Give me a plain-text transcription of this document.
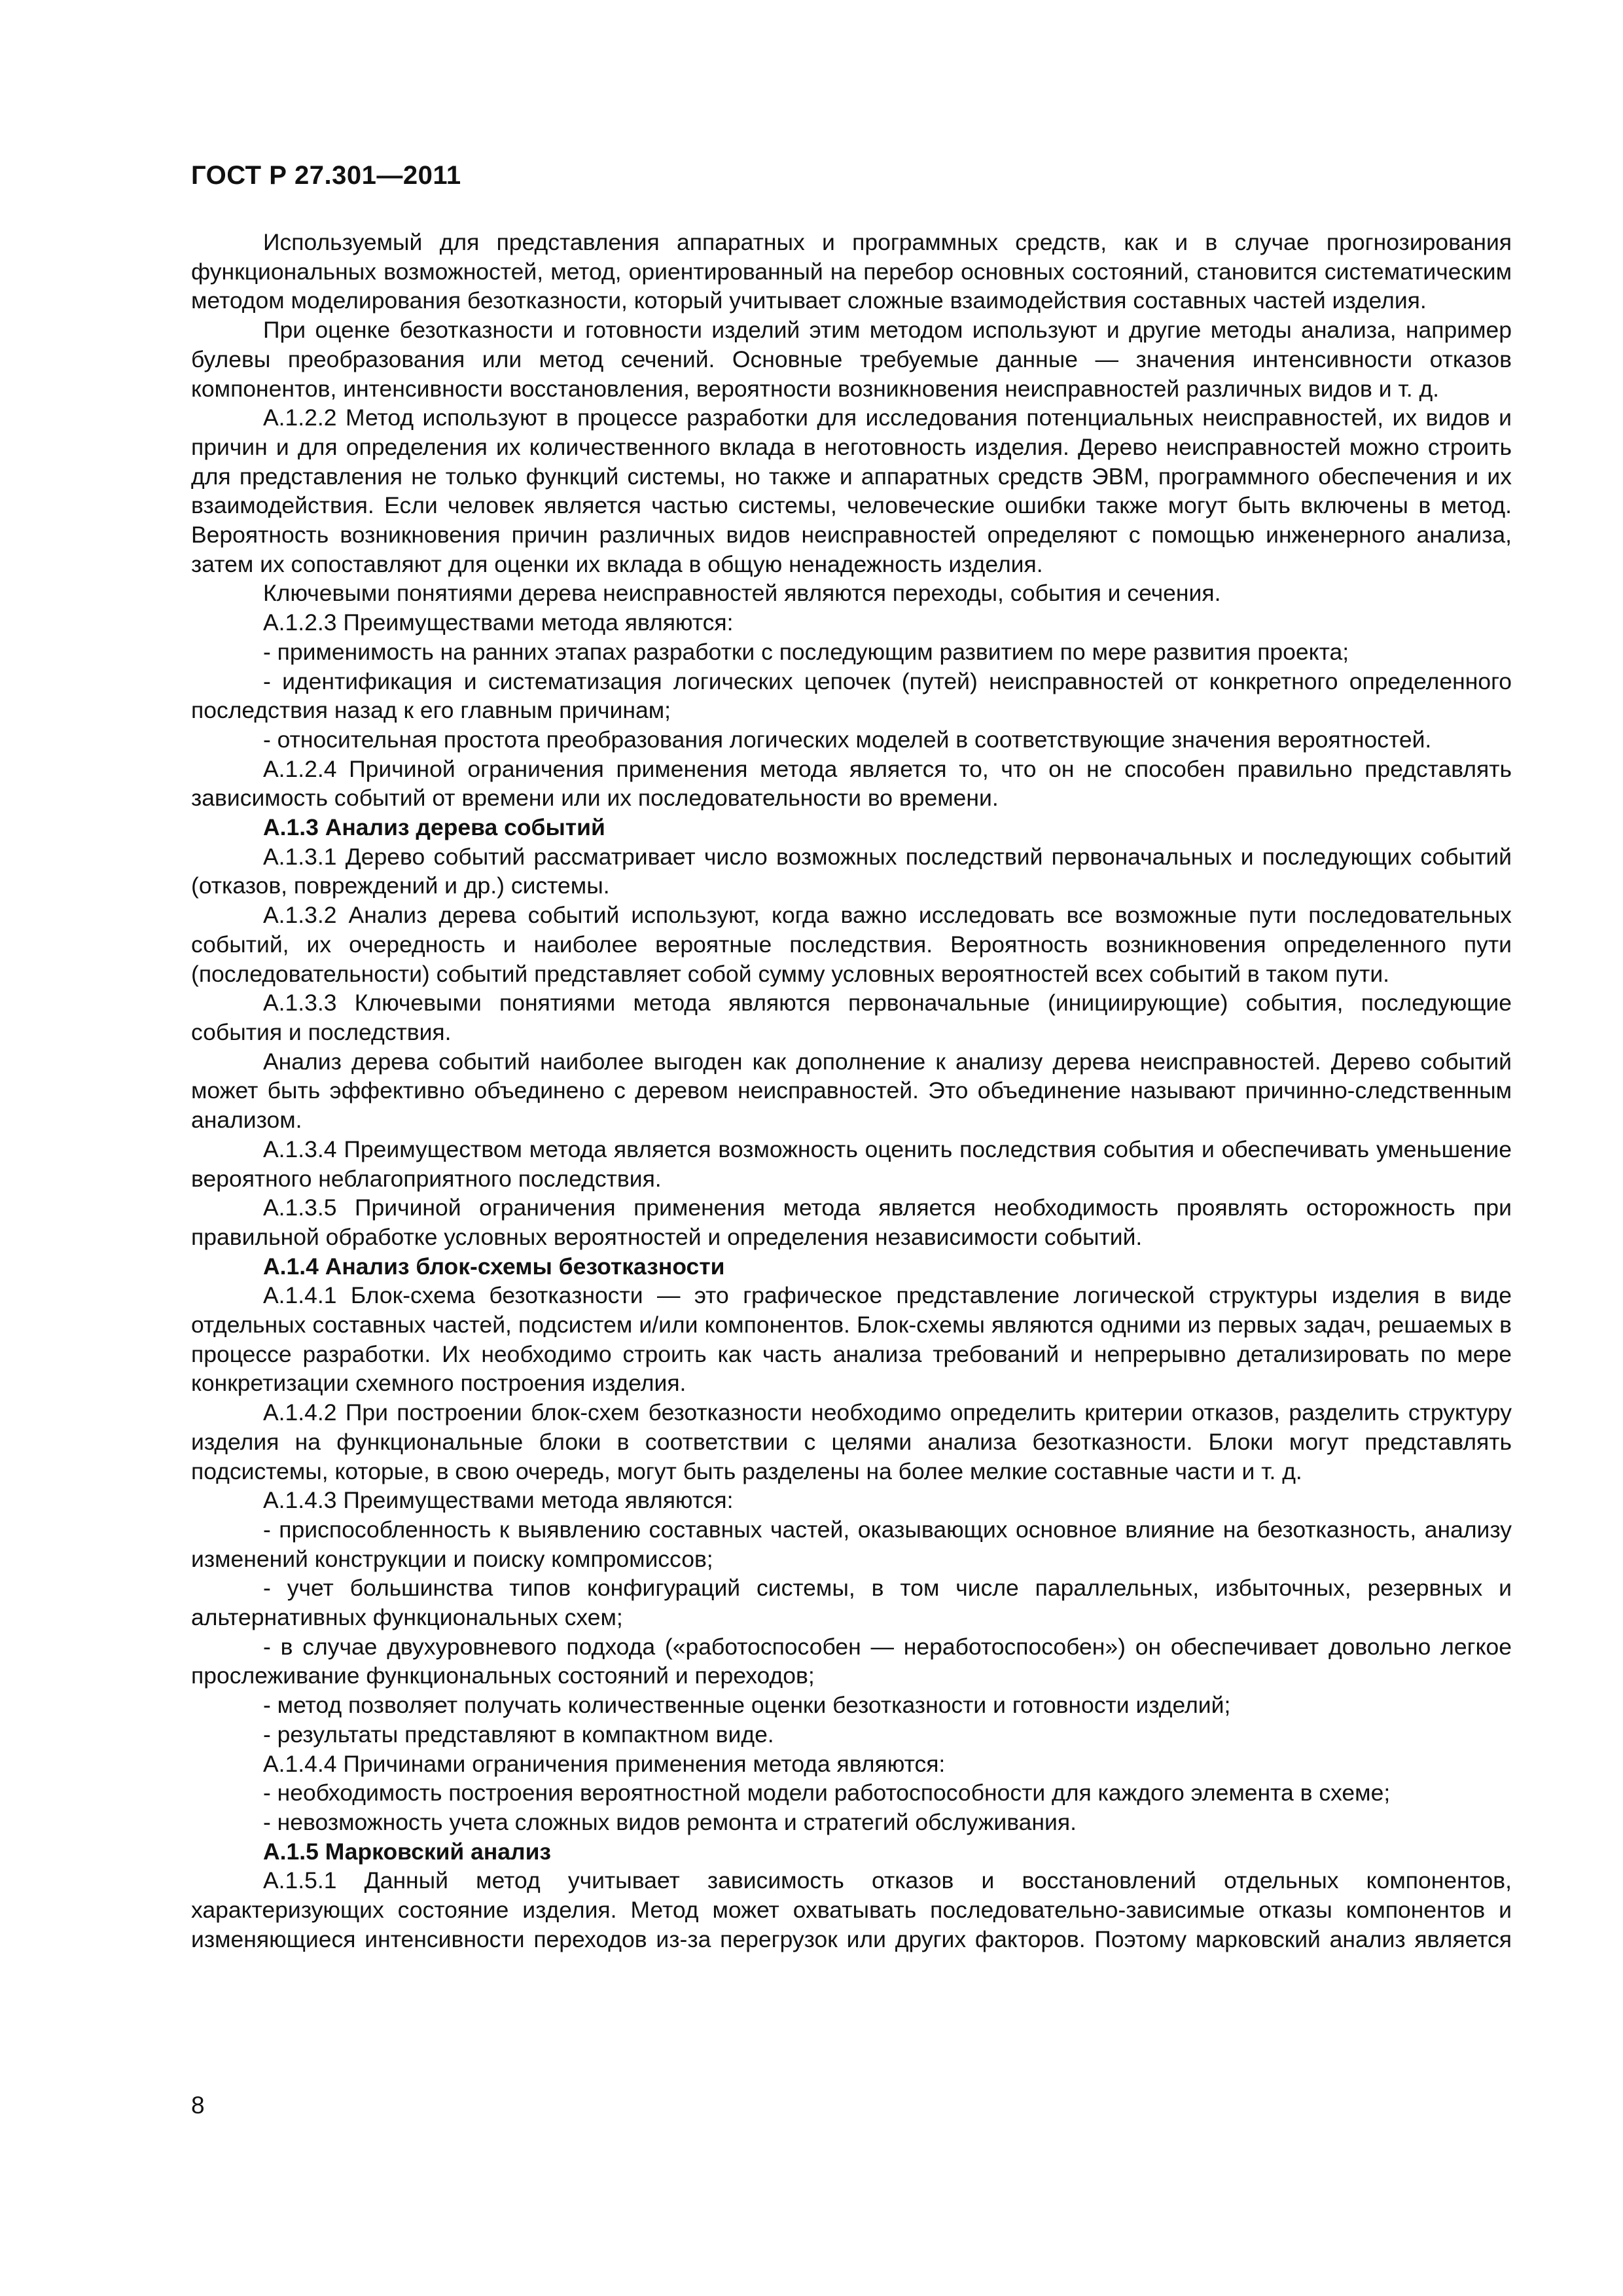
ГОСТ Р 27.301—2011

Используемый для представления аппаратных и программных средств, как и в случае прогнозирования функциональных возможностей, метод, ориентированный на перебор основных состояний, становится систематическим методом моделирования безотказности, который учитывает сложные взаимодействия составных частей изделия.

При оценке безотказности и готовности изделий этим методом используют и другие методы анализа, например булевы преобразования или метод сечений. Основные требуемые данные — значения интенсивности отказов компонентов, интенсивности восстановления, вероятности возникновения неисправностей различных видов и т. д.

А.1.2.2 Метод используют в процессе разработки для исследования потенциальных неисправностей, их видов и причин и для определения их количественного вклада в неготовность изделия. Дерево неисправностей можно строить для представления не только функций системы, но также и аппаратных средств ЭВМ, программного обеспечения и их взаимодействия. Если человек является частью системы, человеческие ошибки также могут быть включены в метод. Вероятность возникновения причин различных видов неисправностей определяют с помощью инженерного анализа, затем их сопоставляют для оценки их вклада в общую ненадежность изделия.

Ключевыми понятиями дерева неисправностей являются переходы, события и сечения.

А.1.2.3 Преимуществами метода являются:

- применимость на ранних этапах разработки с последующим развитием по мере развития проекта;

- идентификация и систематизация логических цепочек (путей) неисправностей от конкретного определенного последствия назад к его главным причинам;

- относительная простота преобразования логических моделей в соответствующие значения вероятностей.

А.1.2.4 Причиной ограничения применения метода является то, что он не способен правильно представлять зависимость событий от времени или их последовательности во времени.

А.1.3 Анализ дерева событий

А.1.3.1 Дерево событий рассматривает число возможных последствий первоначальных и последующих событий (отказов, повреждений и др.) системы.

А.1.3.2 Анализ дерева событий используют, когда важно исследовать все возможные пути последовательных событий, их очередность и наиболее вероятные последствия. Вероятность возникновения определенного пути (последовательности) событий представляет собой сумму условных вероятностей всех событий в таком пути.

А.1.3.3 Ключевыми понятиями метода являются первоначальные (инициирующие) события, последующие события и последствия.

Анализ дерева событий наиболее выгоден как дополнение к анализу дерева неисправностей. Дерево событий может быть эффективно объединено с деревом неисправностей. Это объединение называют причинно-следственным анализом.

А.1.3.4 Преимуществом метода является возможность оценить последствия события и обеспечивать уменьшение вероятного неблагоприятного последствия.

А.1.3.5 Причиной ограничения применения метода является необходимость проявлять осторожность при правильной обработке условных вероятностей и определения независимости событий.

А.1.4 Анализ блок-схемы безотказности

А.1.4.1 Блок-схема безотказности — это графическое представление логической структуры изделия в виде отдельных составных частей, подсистем и/или компонентов. Блок-схемы являются одними из первых задач, решаемых в процессе разработки. Их необходимо строить как часть анализа требований и непрерывно детализировать по мере конкретизации схемного построения изделия.

А.1.4.2 При построении блок-схем безотказности необходимо определить критерии отказов, разделить структуру изделия на функциональные блоки в соответствии с целями анализа безотказности. Блоки могут представлять подсистемы, которые, в свою очередь, могут быть разделены на более мелкие составные части и т. д.

А.1.4.3 Преимуществами метода являются:

- приспособленность к выявлению составных частей, оказывающих основное влияние на безотказность, анализу изменений конструкции и поиску компромиссов;

- учет большинства типов конфигураций системы, в том числе параллельных, избыточных, резервных и альтернативных функциональных схем;

- в случае двухуровневого подхода («работоспособен — неработоспособен») он обеспечивает довольно легкое прослеживание функциональных состояний и переходов;

- метод позволяет получать количественные оценки безотказности и готовности изделий;

- результаты представляют в компактном виде.

А.1.4.4 Причинами ограничения применения метода являются:

- необходимость построения вероятностной модели работоспособности для каждого элемента в схеме;

- невозможность учета сложных видов ремонта и стратегий обслуживания.

А.1.5 Марковский анализ

А.1.5.1 Данный метод учитывает зависимость отказов и восстановлений отдельных компонентов, характеризующих состояние изделия. Метод может охватывать последовательно-зависимые отказы компонентов и изменяющиеся интенсивности переходов из-за перегрузок или других факторов. Поэтому марковский анализ является

8
